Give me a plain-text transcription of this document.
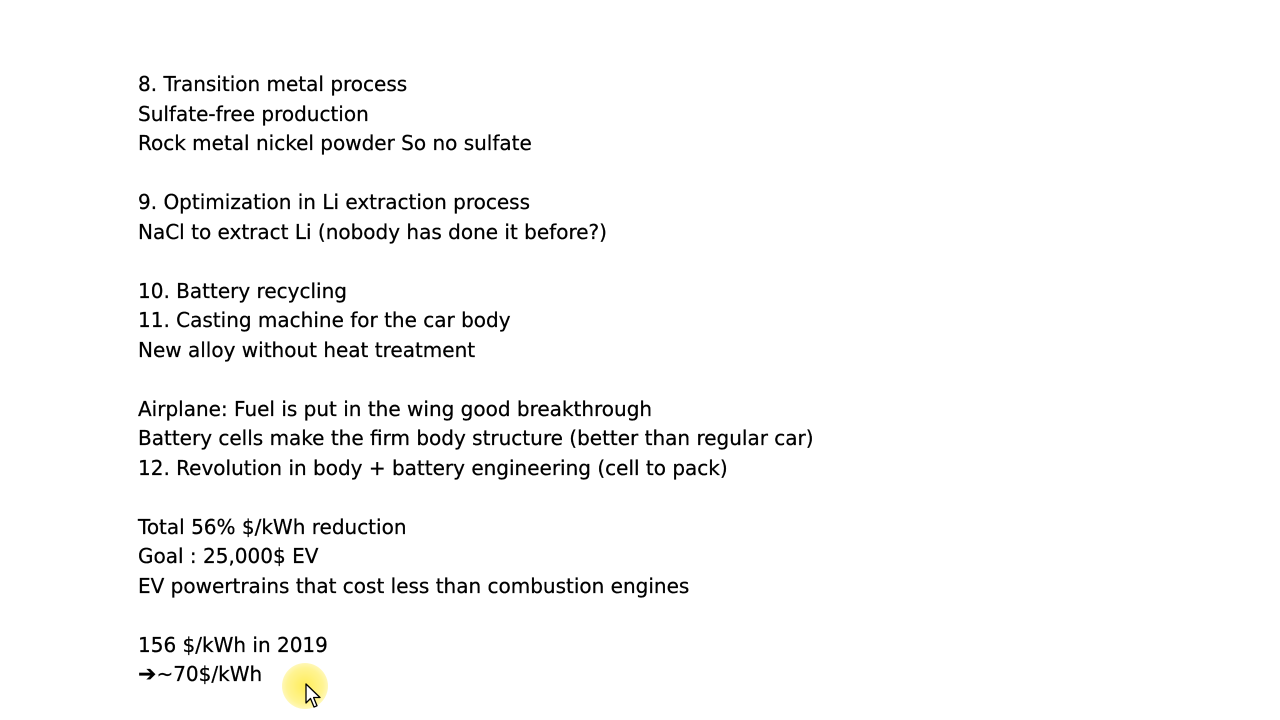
8. Transition metal process
Sulfate-free production
Rock metal nickel powder So no sulfate
9. Optimization in Li extraction process
NaCl to extract Li (nobody has done it before?)
10. Battery recycling
11. Casting machine for the car body
New alloy without heat treatment
Airplane: Fuel is put in the wing good breakthrough
Battery cells make the firm body structure (better than regular car)
12. Revolution in body + battery engineering (cell to pack)
Total 56% $/kWh reduction
Goal : 25,000$ EV
EV powertrains that cost less than combustion engines
156 $/kWh in 2019
➔~70$/kWh
